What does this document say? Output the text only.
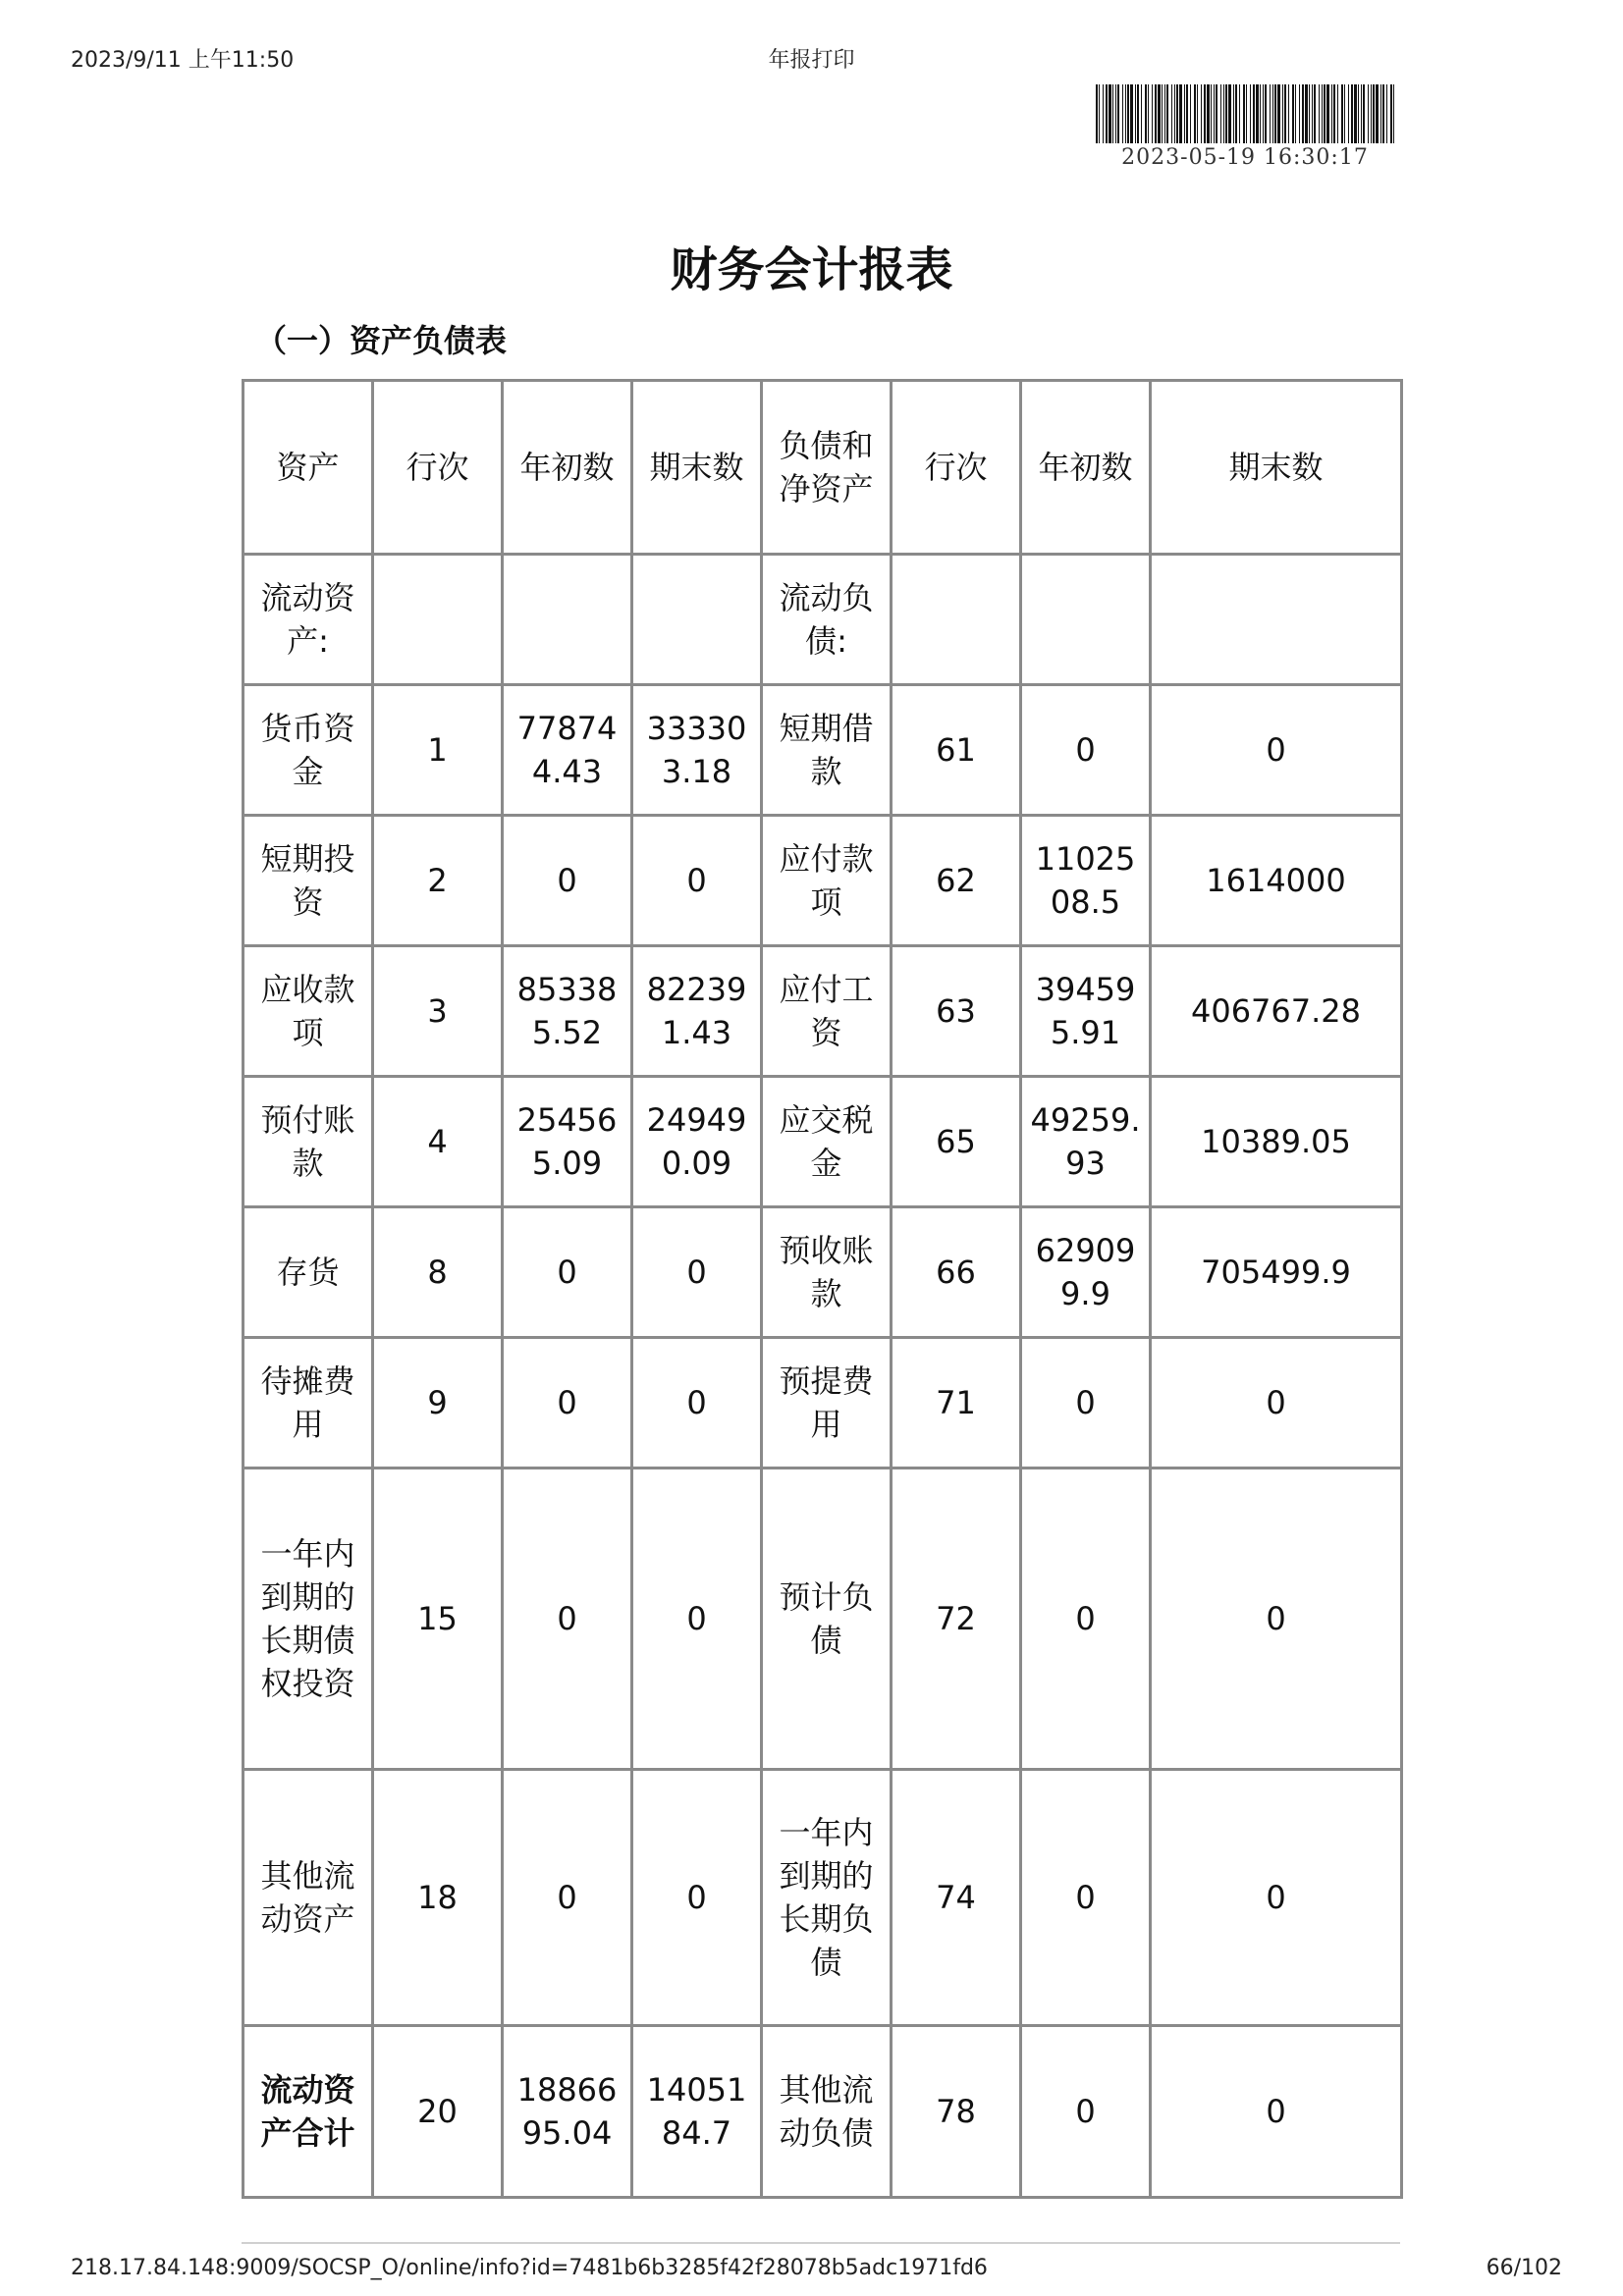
2023/9/11 上午11:50	年报打印
2023-05-19 16:30:17
财务会计报表
（一）资产负债表
资产	行次	年初数	期末数	负债和净资产	行次	年初数	期末数
流动资产:				流动负债:			
货币资金	1	778744.43	333303.18	短期借款	61	0	0
短期投资	2	0	0	应付款项	62	1102508.5	1614000
应收款项	3	853385.52	822391.43	应付工资	63	394595.91	406767.28
预付账款	4	254565.09	249490.09	应交税金	65	49259.93	10389.05
存货	8	0	0	预收账款	66	629099.9	705499.9
待摊费用	9	0	0	预提费用	71	0	0
一年内到期的长期债权投资	15	0	0	预计负债	72	0	0
其他流动资产	18	0	0	一年内到期的长期负债	74	0	0
流动资产合计	20	1886695.04	1405184.7	其他流动负债	78	0	0
218.17.84.148:9009/SOCSP_O/online/info?id=7481b6b3285f42f28078b5adc1971fd6	66/102
